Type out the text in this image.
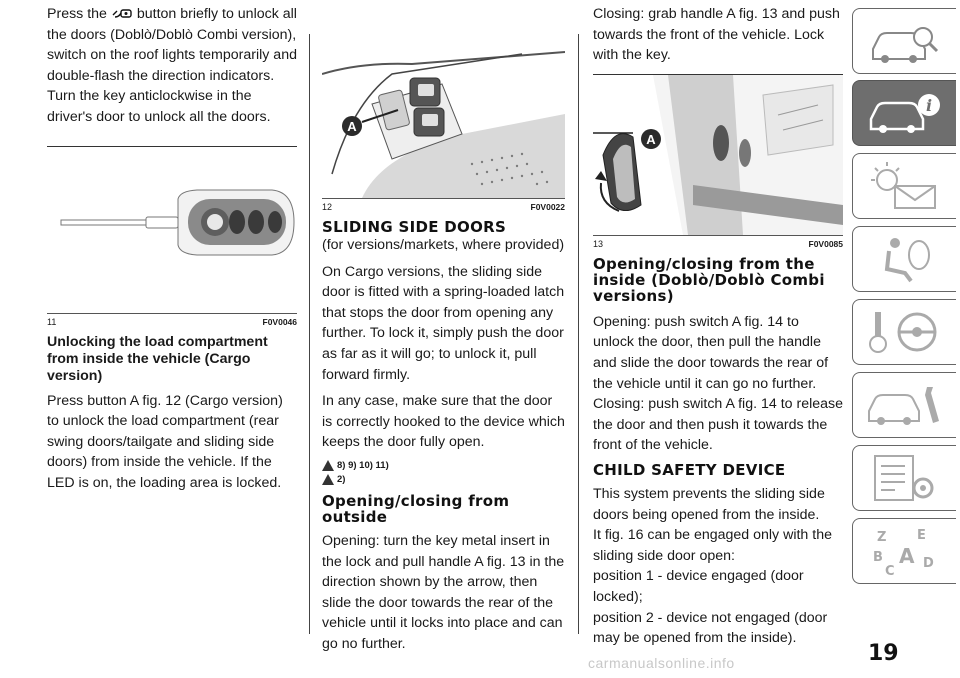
Press the button briefly to unlock all the doors (Doblò/Doblò Combi version), switch on the roof lights temporarily and double-flash the direction indicators. Turn the key anticlockwise in the driver's door to unlock all the doors.

11	F0V0046
Unlocking the load compartment from inside the vehicle (Cargo version)

Press button A fig. 12 (Cargo version) to unlock the load compartment (rear swing doors/tailgate and sliding side doors) from inside the vehicle. If the LED is on, the loading area is locked.

A
12	F0V0022
SLIDING SIDE DOORS

(for versions/markets, where provided)

On Cargo versions, the sliding side door is fitted with a spring-loaded latch that stops the door from opening any further. To lock it, simply push the door as far as it will go; to unlock it, pull forward firmly.

In any case, make sure that the door is correctly hooked to the device which keeps the door fully open.

8) 9) 10) 11)
2)
Opening/closing from outside

Opening: turn the key metal insert in the lock and pull handle A fig. 13 in the direction shown by the arrow, then slide the door towards the rear of the vehicle until it locks into place and can go no further.

Closing: grab handle A fig. 13 and push towards the front of the vehicle. Lock with the key.

A
13	F0V0085
Opening/closing from the inside (Doblò/Doblò Combi versions)

Opening: push switch A fig. 14 to unlock the door, then pull the handle and slide the door towards the rear of the vehicle until it can go no further.

Closing: push switch A fig. 14 to release the door and then push it towards the front of the vehicle.

CHILD SAFETY DEVICE

This system prevents the sliding side doors being opened from the inside.

It fig. 16 can be engaged only with the sliding side door open:

position 1 - device engaged (door locked);

position 2 - device not engaged (door may be opened from the inside).

i
Z E
B A D
C
19
carmanualsonline.info
